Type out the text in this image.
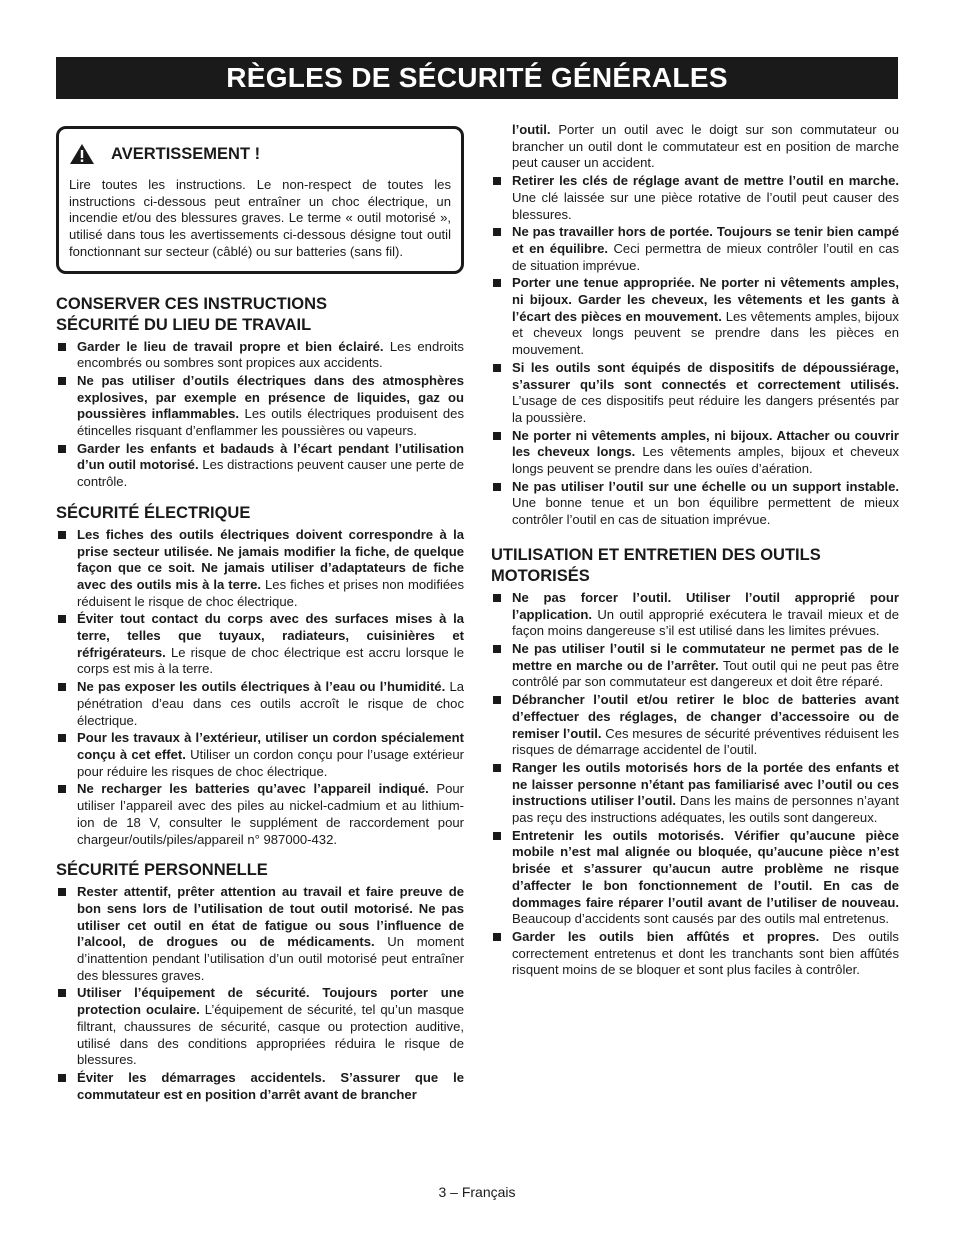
RÈGLES DE SÉCURITÉ GÉNÉRALES
AVERTISSEMENT !
Lire toutes les instructions. Le non-respect de toutes les instructions ci-dessous peut entraîner un choc électrique, un incendie et/ou des blessures graves. Le terme « outil motorisé », utilisé dans tous les avertissements ci-dessous désigne tout outil fonctionnant sur secteur (câblé) ou sur batteries (sans fil).
CONSERVER CES INSTRUCTIONS
SÉCURITÉ DU LIEU DE TRAVAIL
Garder le lieu de travail propre et bien éclairé. Les endroits encombrés ou sombres sont propices aux accidents.
Ne pas utiliser d’outils électriques dans des atmosphères explosives, par exemple en présence de liquides, gaz ou poussières inflammables. Les outils électriques produisent des étincelles risquant d’enflammer les poussières ou vapeurs.
Garder les enfants et badauds à l’écart pendant l’utilisation d’un outil motorisé. Les distractions peuvent causer une perte de contrôle.
SÉCURITÉ ÉLECTRIQUE
Les fiches des outils électriques doivent correspondre à la prise secteur utilisée. Ne jamais modifier la fiche, de quelque façon que ce soit. Ne jamais utiliser d’adaptateurs de fiche avec des outils mis à la terre. Les fiches et prises non modifiées réduisent le risque de choc électrique.
Éviter tout contact du corps avec des surfaces mises à la terre, telles que tuyaux, radiateurs, cuisinières et réfrigérateurs. Le risque de choc électrique est accru lorsque le corps est mis à la terre.
Ne pas exposer les outils électriques à l’eau ou l’humidité. La pénétration d’eau dans ces outils accroît le risque de choc électrique.
Pour les travaux à l’extérieur, utiliser un cordon spécialement conçu à cet effet. Utiliser un cordon conçu pour l’usage extérieur pour réduire les risques de choc électrique.
Ne recharger les batteries qu’avec l’appareil indiqué. Pour utiliser l’appareil avec des piles au nickel-cadmium et au lithium-ion de 18 V, consulter le supplément de raccordement pour chargeur/outils/piles/appareil n° 987000-432.
SÉCURITÉ PERSONNELLE
Rester attentif, prêter attention au travail et faire preuve de bon sens lors de l’utilisation de tout outil motorisé. Ne pas utiliser cet outil en état de fatigue ou sous l’influence de l’alcool, de drogues ou de médicaments. Un moment d’inattention pendant l’utilisation d’un outil motorisé peut entraîner des blessures graves.
Utiliser l’équipement de sécurité. Toujours porter une protection oculaire. L’équipement de sécurité, tel qu’un masque filtrant, chaussures de sécurité, casque ou protection auditive, utilisé dans des conditions appropriées réduira le risque de blessures.
Éviter les démarrages accidentels. S’assurer que le commutateur est en position d’arrêt avant de brancher
l’outil. Porter un outil avec le doigt sur son commutateur ou brancher un outil dont le commutateur est en position de marche peut causer un accident.
Retirer les clés de réglage avant de mettre l’outil en marche. Une clé laissée sur une pièce rotative de l’outil peut causer des blessures.
Ne pas travailler hors de portée. Toujours se tenir bien campé et en équilibre. Ceci permettra de mieux contrôler l’outil en cas de situation imprévue.
Porter une tenue appropriée. Ne porter ni vêtements amples, ni bijoux. Garder les cheveux, les vêtements et les gants à l’écart des pièces en mouvement. Les vêtements amples, bijoux et cheveux longs peuvent se prendre dans les pièces en mouvement.
Si les outils sont équipés de dispositifs de dépoussiérage, s’assurer qu’ils sont connectés et correctement utilisés. L’usage de ces dispositifs peut réduire les dangers présentés par la poussière.
Ne porter ni vêtements amples, ni bijoux. Attacher ou couvrir les cheveux longs. Les vêtements amples, bijoux et cheveux longs peuvent se prendre dans les ouïes d’aération.
Ne pas utiliser l’outil sur une échelle ou un support instable. Une bonne tenue et un bon équilibre permettent de mieux contrôler l’outil en cas de situation imprévue.
UTILISATION ET ENTRETIEN DES OUTILS
MOTORISÉS
Ne pas forcer l’outil. Utiliser l’outil approprié pour l’application. Un outil approprié exécutera le travail mieux et de façon moins dangereuse s’il est utilisé dans les limites prévues.
Ne pas utiliser l’outil si le commutateur ne permet pas de le mettre en marche ou de l’arrêter. Tout outil qui ne peut pas être contrôlé par son commutateur est dangereux et doit être réparé.
Débrancher l’outil et/ou retirer le bloc de batteries avant d’effectuer des réglages, de changer d’accessoire ou de remiser l’outil. Ces mesures de sécurité préventives réduisent les risques de démarrage accidentel de l’outil.
Ranger les outils motorisés hors de la portée des enfants et ne laisser personne n’étant pas familiarisé avec l’outil ou ces instructions utiliser l’outil. Dans les mains de personnes n’ayant pas reçu des instructions adéquates, les outils sont dangereux.
Entretenir les outils motorisés. Vérifier qu’aucune pièce mobile n’est mal alignée ou bloquée, qu’aucune pièce n’est brisée et s’assurer qu’aucun autre problème ne risque d’affecter le bon fonctionnement de l’outil. En cas de dommages faire réparer l’outil avant de l’utiliser de nouveau. Beaucoup d’accidents sont causés par des outils mal entretenus.
Garder les outils bien affûtés et propres. Des outils correctement entretenus et dont les tranchants sont bien affûtés risquent moins de se bloquer et sont plus faciles à contrôler.
3 – Français
